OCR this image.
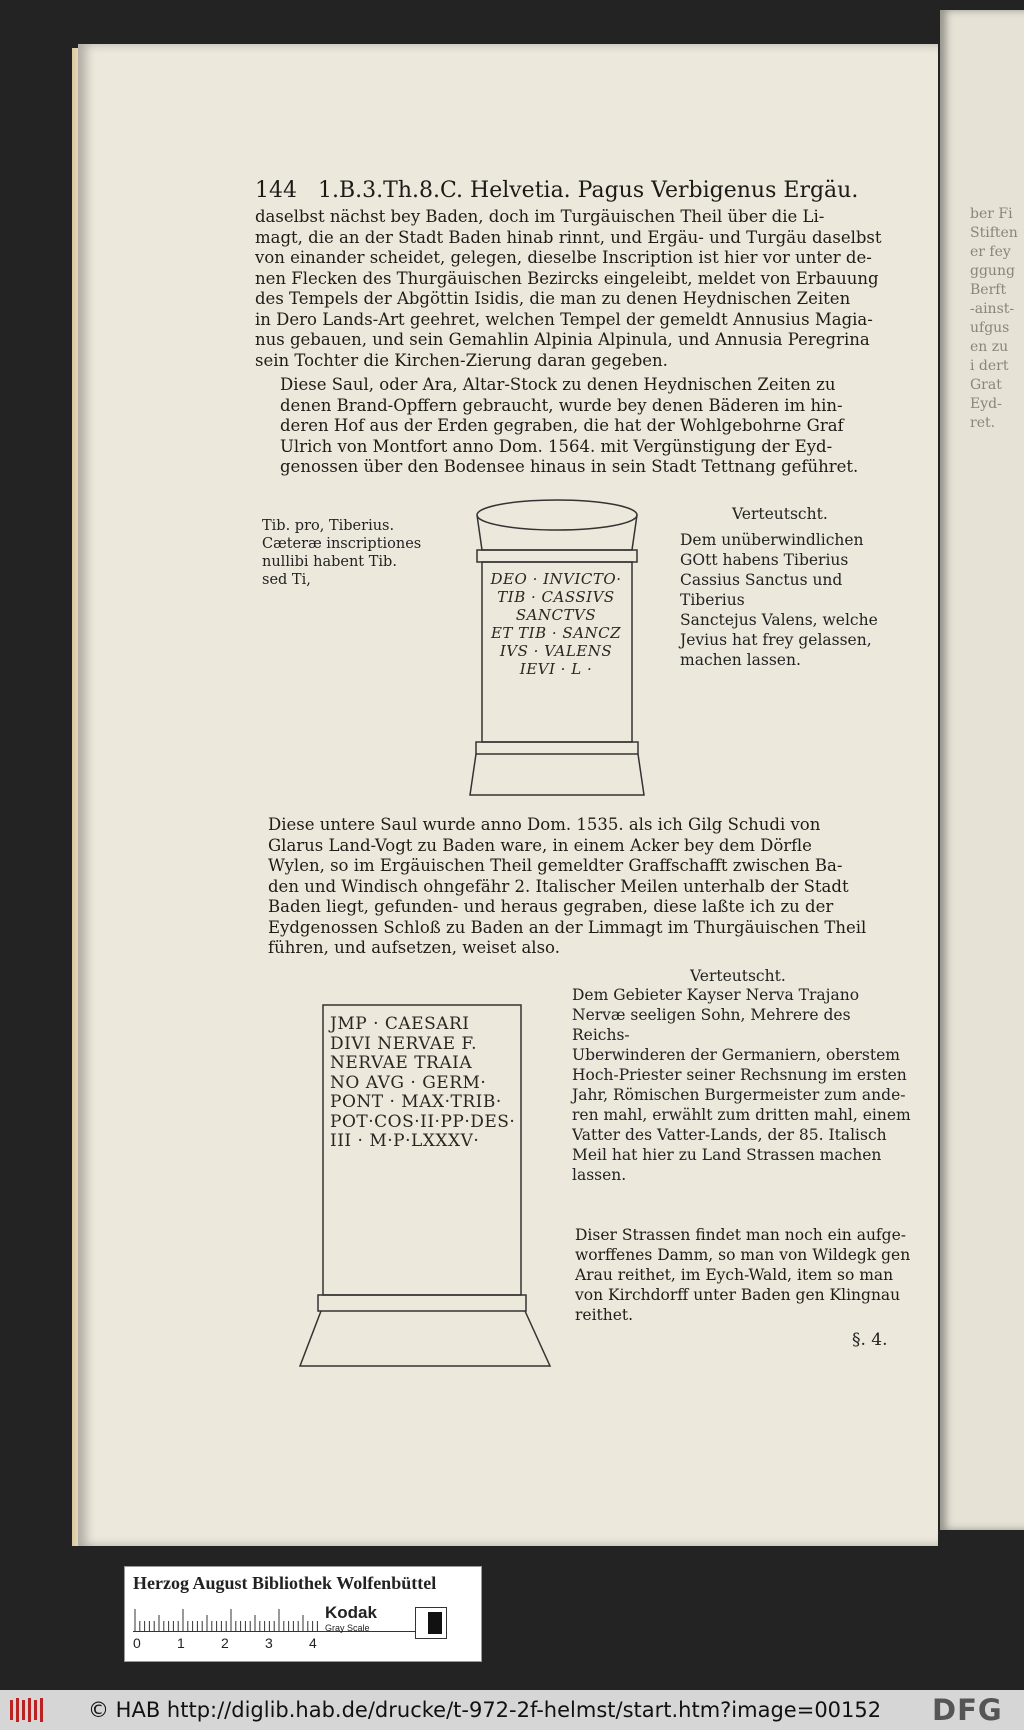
ber Fi
Stiften
er fey
ggung
Berft
-ainst-
ufgus
en zu
i dert
Grat
Eyd-
ret.
144 1.B.3.Th.8.C. Helvetia. Pagus Verbigenus Ergäu.
daselbst nächst bey Baden, doch im Turgäuischen Theil über die Li-
magt, die an der Stadt Baden hinab rinnt, und Ergäu- und Turgäu daselbst
von einander scheidet, gelegen, dieselbe Inscription ist hier vor unter de-
nen Flecken des Thurgäuischen Bezircks eingeleibt, meldet von Erbauung
des Tempels der Abgöttin Isidis, die man zu denen Heydnischen Zeiten
in Dero Lands-Art geehret, welchen Tempel der gemeldt Annusius Magia-
nus gebauen, und sein Gemahlin Alpinia Alpinula, und Annusia Peregrina
sein Tochter die Kirchen-Zierung daran gegeben.
Diese Saul, oder Ara, Altar-Stock zu denen Heydnischen Zeiten zu
denen Brand-Opffern gebraucht, wurde bey denen Bäderen im hin-
deren Hof aus der Erden gegraben, die hat der Wohlgebohrne Graf
Ulrich von Montfort anno Dom. 1564. mit Vergünstigung der Eyd-
genossen über den Bodensee hinaus in sein Stadt Tettnang geführet.
Tib. pro, Tiberius.
Cæteræ inscriptiones
nullibi habent Tib.
sed Ti,	DEO · INVICTO·
TIB · CASSIVS
SANCTVS
ET TIB · SANCZ
IVS · VALENS
IEVI · L ·
Verteutscht.
Dem unüberwindlichen
GOtt habens Tiberius
Cassius Sanctus und Tiberius
Sanctejus Valens, welche
Jevius hat frey gelassen,
machen lassen.
Diese untere Saul wurde anno Dom. 1535. als ich Gilg Schudi von
Glarus Land-Vogt zu Baden ware, in einem Acker bey dem Dörfle
Wylen, so im Ergäuischen Theil gemeldter Graffschafft zwischen Ba-
den und Windisch ohngefähr 2. Italischer Meilen unterhalb der Stadt
Baden liegt, gefunden- und heraus gegraben, diese laßte ich zu der
Eydgenossen Schloß zu Baden an der Limmagt im Thurgäuischen Theil
führen, und aufsetzen, weiset also.
JMP · CAESARI
DIVI NERVAE F.
NERVAE TRAIA
NO AVG · GERM·
PONT · MAX·TRIB·
POT·COS·II·PP·DES·
III · M·P·LXXXV·
Verteutscht.
Dem Gebieter Kayser Nerva Trajano
Nervæ seeligen Sohn, Mehrere des Reichs-
Uberwinderen der Germaniern, oberstem
Hoch-Priester seiner Rechsnung im ersten
Jahr, Römischen Burgermeister zum ande-
ren mahl, erwählt zum dritten mahl, einem
Vatter des Vatter-Lands, der 85. Italisch
Meil hat hier zu Land Strassen machen
lassen.
Diser Strassen findet man noch ein aufge-
worffenes Damm, so man von Wildegk gen
Arau reithet, im Eych-Wald, item so man
von Kirchdorff unter Baden gen Klingnau
reithet.
§. 4.
Herzog August Bibliothek Wolfenbüttel
Kodak
Gray Scale
0	1	2	3	4
© HAB http://diglib.hab.de/drucke/t-972-2f-helmst/start.htm?image=00152 DFG
